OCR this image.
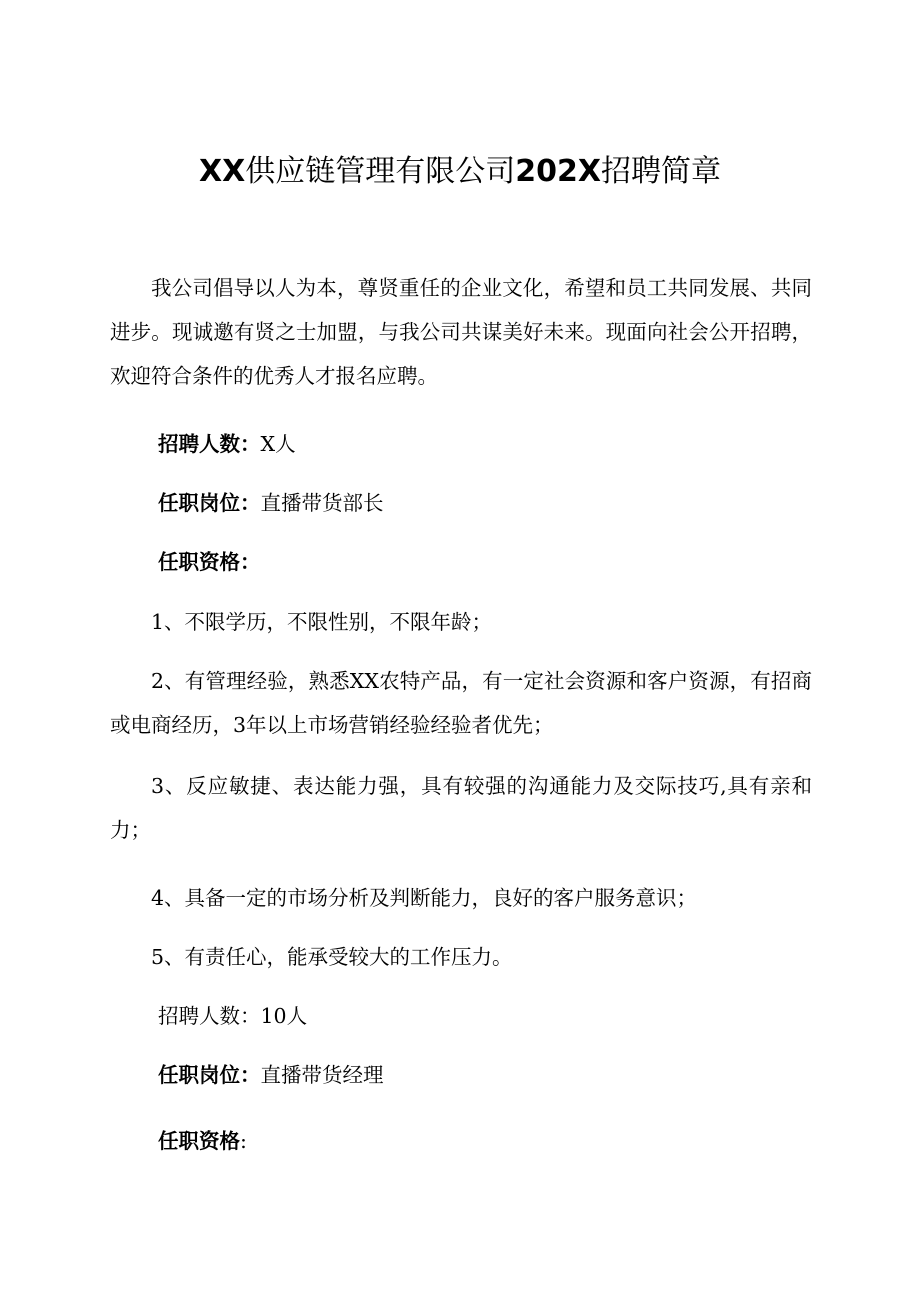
XX供应链管理有限公司202X招聘简章

我公司倡导以人为本，尊贤重任的企业文化，希望和员工共同发展、共同进步。现诚邀有贤之士加盟，与我公司共谋美好未来。现面向社会公开招聘，欢迎符合条件的优秀人才报名应聘。

招聘人数：X人

任职岗位：直播带货部长

任职资格：

1、不限学历，不限性别，不限年龄；

2、有管理经验，熟悉XX农特产品，有一定社会资源和客户资源，有招商或电商经历，3年以上市场营销经验经验者优先；

3、反应敏捷、表达能力强，具有较强的沟通能力及交际技巧,具有亲和力；

4、具备一定的市场分析及判断能力，良好的客户服务意识；

5、有责任心，能承受较大的工作压力。

招聘人数：10人

任职岗位：直播带货经理

任职资格:
